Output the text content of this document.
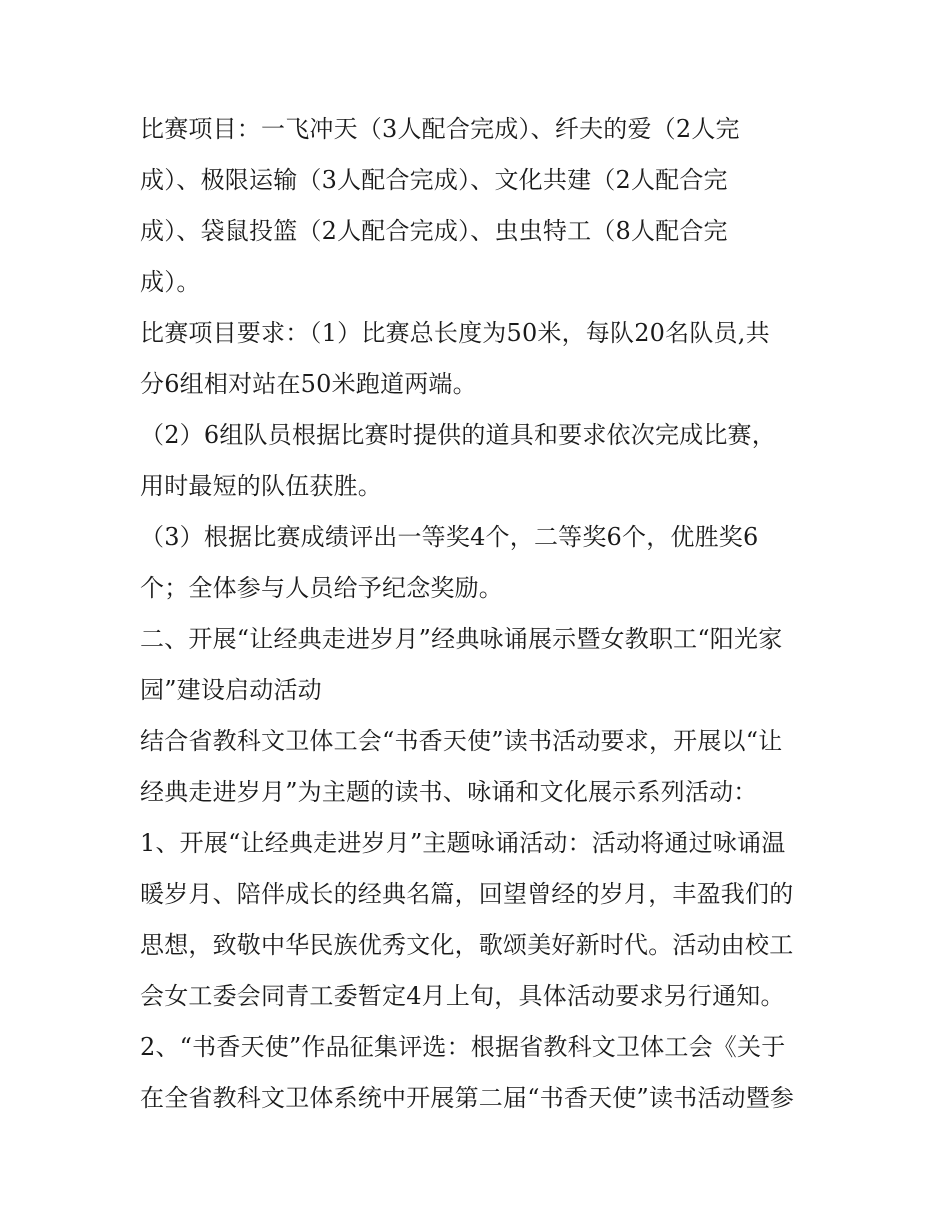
比赛项目：一飞冲天（3人配合完成）、纤夫的爱（2人完
成）、极限运输（3人配合完成）、文化共建（2人配合完
成）、袋鼠投篮（2人配合完成）、虫虫特工（8人配合完
成）。

比赛项目要求：（1）比赛总长度为50米，每队20名队员,共
分6组相对站在50米跑道两端。

（2）6组队员根据比赛时提供的道具和要求依次完成比赛，
用时最短的队伍获胜。

（3）根据比赛成绩评出一等奖4个，二等奖6个，优胜奖6
个；全体参与人员给予纪念奖励。

二、开展“让经典走进岁月”经典咏诵展示暨女教职工“阳光家
园”建设启动活动

结合省教科文卫体工会“书香天使”读书活动要求，开展以“让
经典走进岁月”为主题的读书、咏诵和文化展示系列活动：

1、开展“让经典走进岁月”主题咏诵活动：活动将通过咏诵温
暖岁月、陪伴成长的经典名篇，回望曾经的岁月，丰盈我们的
思想，致敬中华民族优秀文化，歌颂美好新时代。活动由校工
会女工委会同青工委暂定4月上旬，具体活动要求另行通知。

2、“书香天使”作品征集评选：根据省教科文卫体工会《关于
在全省教科文卫体系统中开展第二届“书香天使”读书活动暨参
